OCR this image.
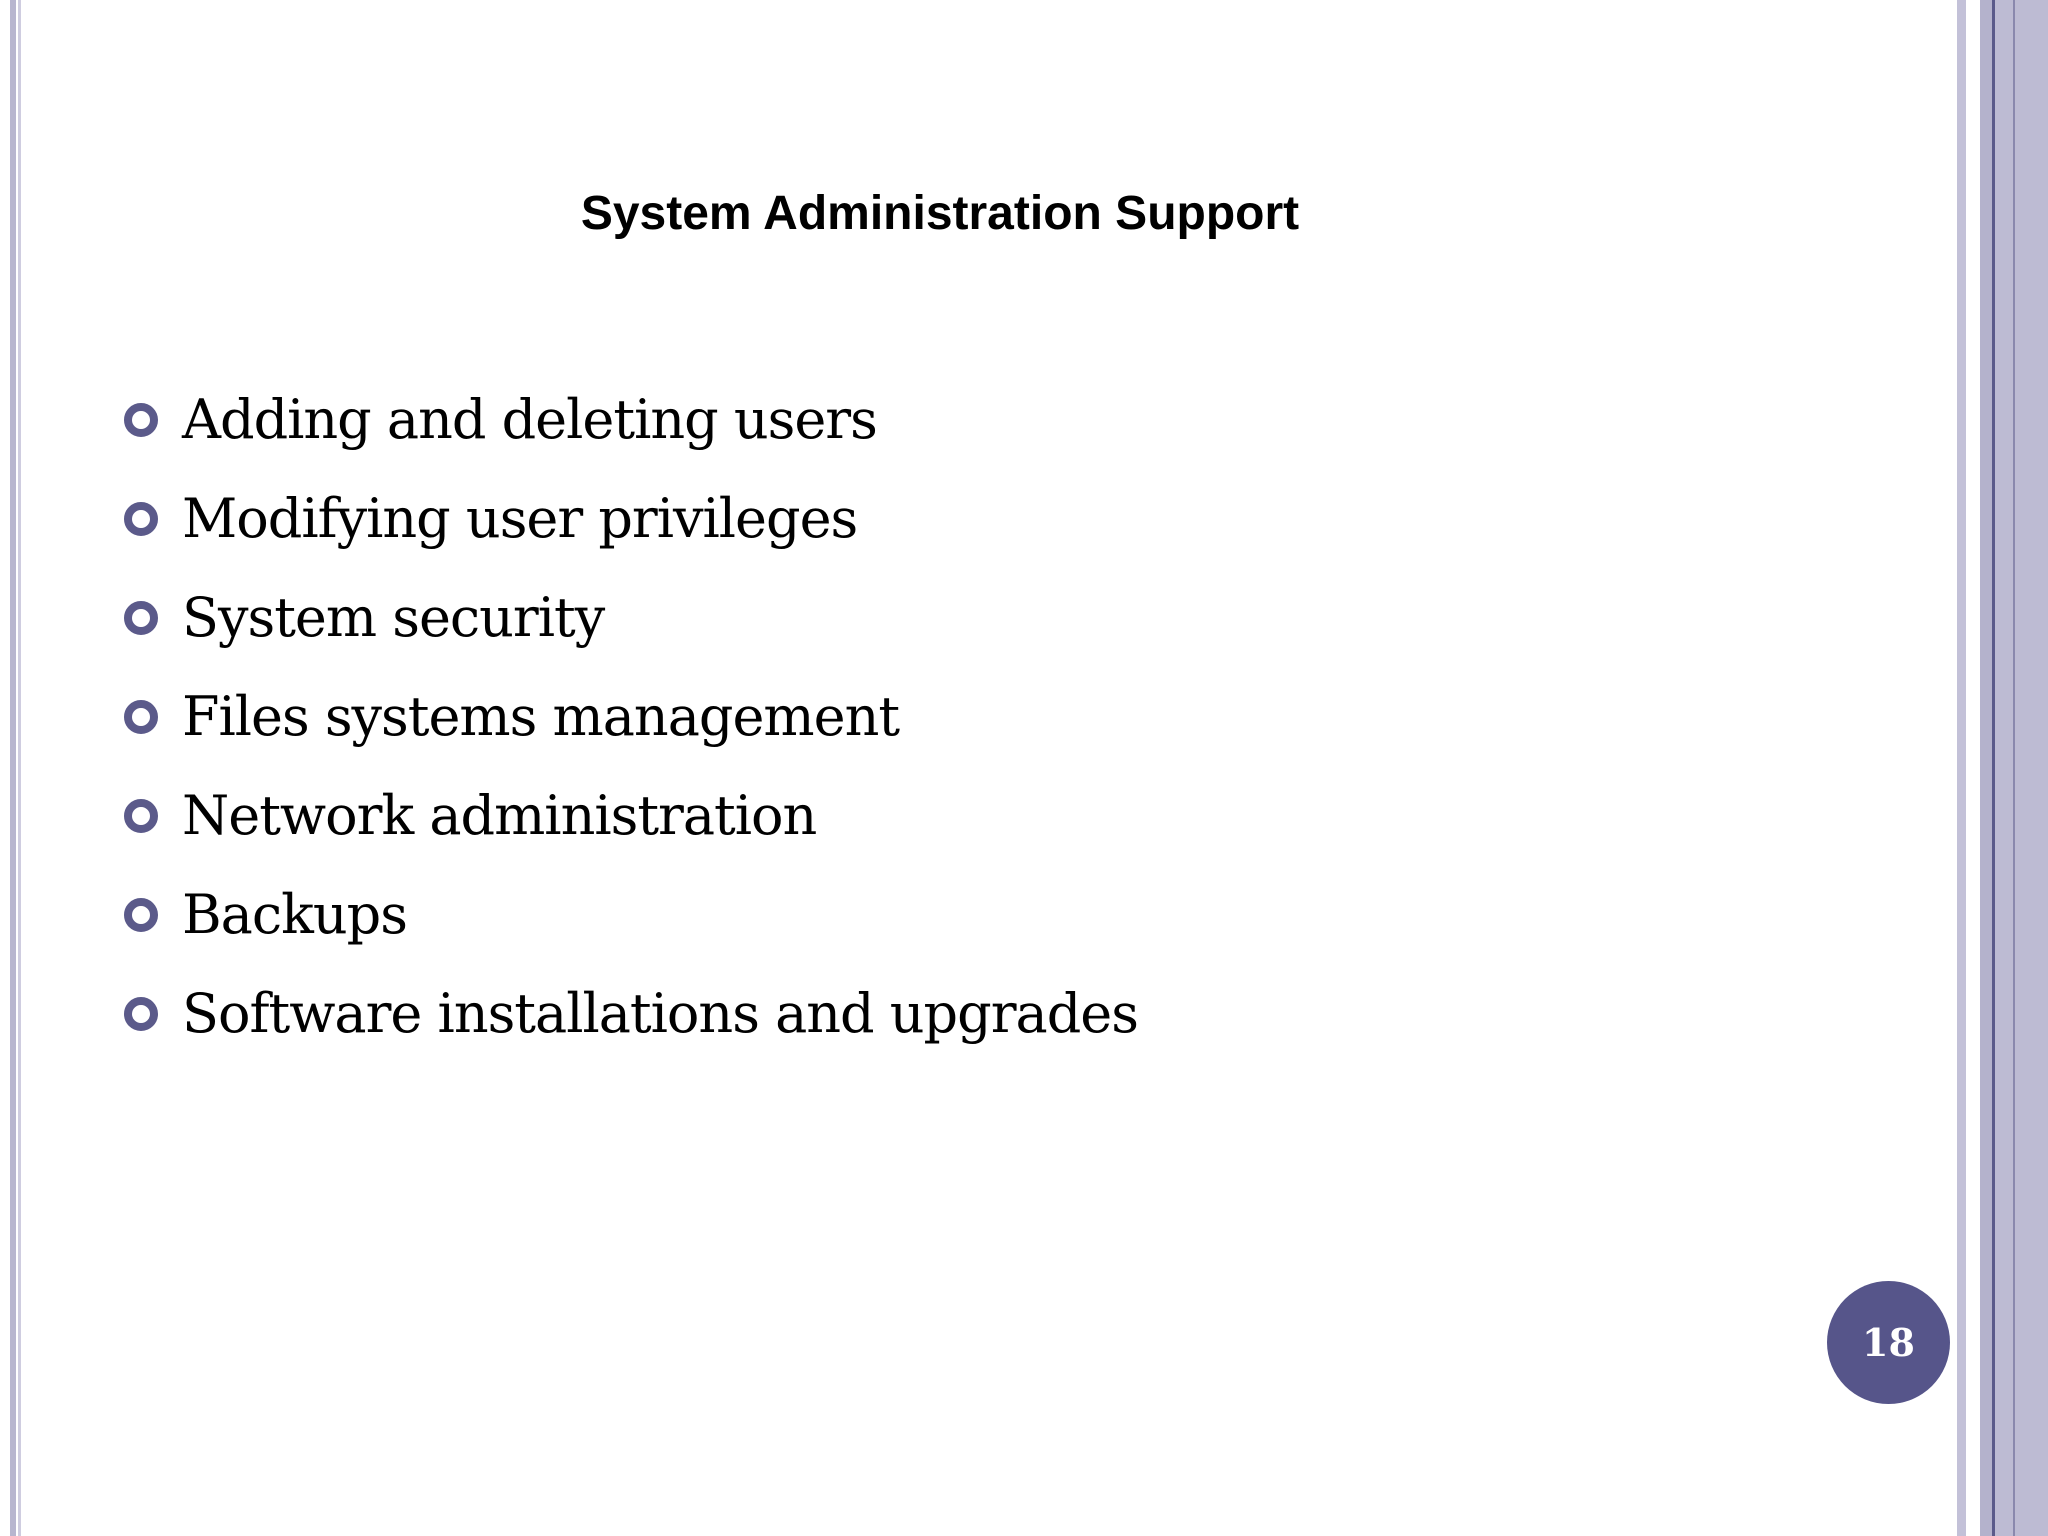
System Administration Support
Adding and deleting users
Modifying user privileges
System security
Files systems management
Network administration
Backups
Software installations and upgrades
18
